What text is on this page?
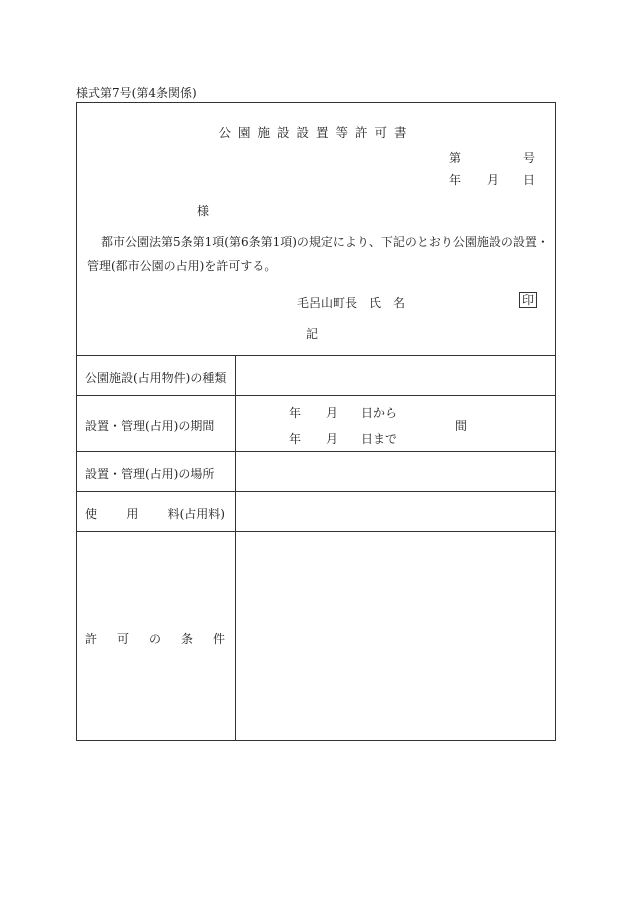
様式第7号(第4条関係)
公園施設設置等許可書
第	号
年 月 日
様
都市公園法第5条第1項(第6条第1項)の規定により、下記のとおり公園施設の設置・
管理(都市公園の占用)を許可する。
毛呂山町長 氏　名	印
記
公園施設(占用物件)の種類
設置・管理(占用)の期間
年 月 日から
年 月 日まで
間
設置・管理(占用)の場所
使 用 料(占用料)
許 可 の 条 件
